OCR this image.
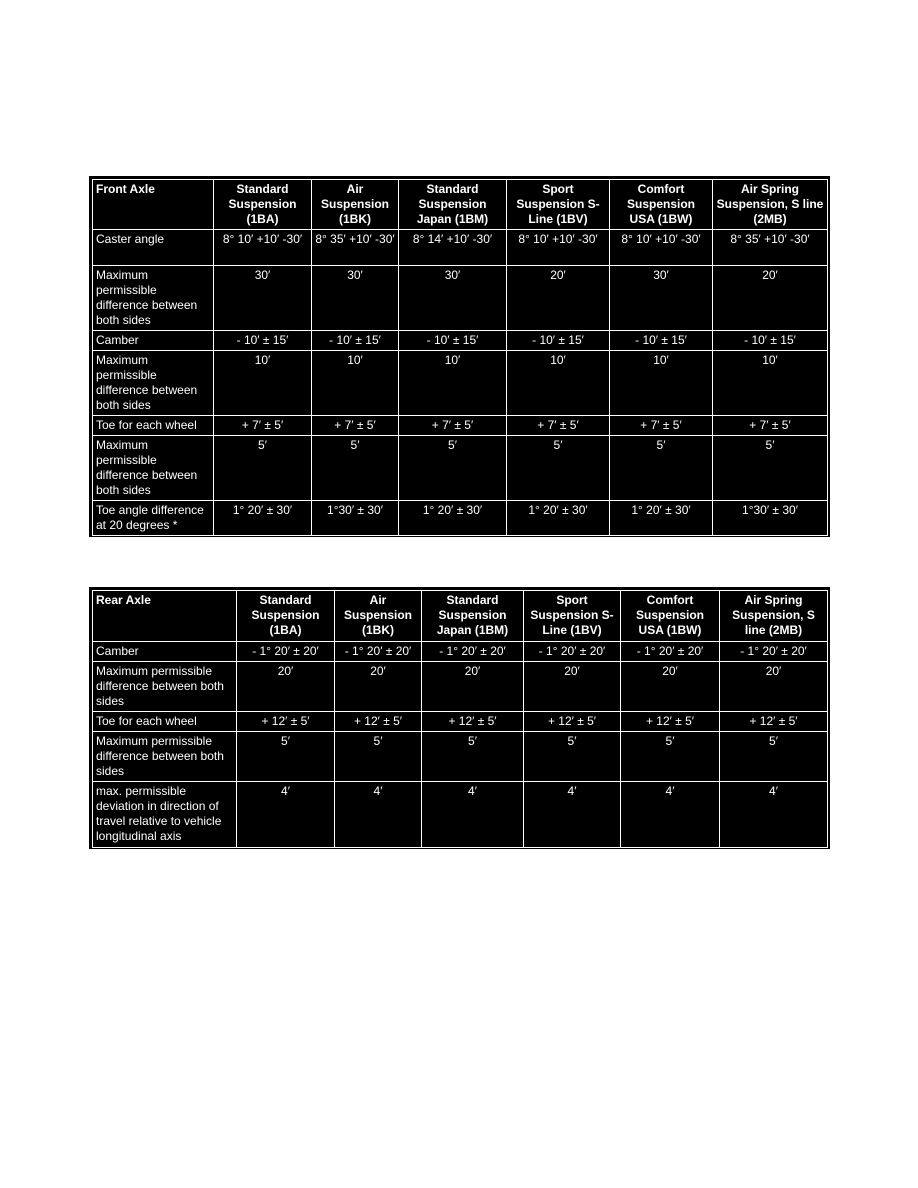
Front Axle	Standard Suspension (1BA)	Air Suspension (1BK)	Standard Suspension Japan (1BM)	Sport Suspension S-Line (1BV)	Comfort Suspension USA (1BW)	Air Spring Suspension, S line (2MB)
Caster angle	8° 10′ +10′ -30′	8° 35′ +10′ -30′	8° 14′ +10′ -30′	8° 10′ +10′ -30′	8° 10′ +10′ -30′	8° 35′ +10′ -30′
Maximum permissible difference between both sides	30′	30′	30′	20′	30′	20′
Camber	- 10′ ± 15′	- 10′ ± 15′	- 10′ ± 15′	- 10′ ± 15′	- 10′ ± 15′	- 10′ ± 15′
Maximum permissible difference between both sides	10′	10′	10′	10′	10′	10′
Toe for each wheel	+ 7′ ± 5′	+ 7′ ± 5′	+ 7′ ± 5′	+ 7′ ± 5′	+ 7′ ± 5′	+ 7′ ± 5′
Maximum permissible difference between both sides	5′	5′	5′	5′	5′	5′
Toe angle difference at 20 degrees *	1° 20′ ± 30′	1°30′ ± 30′	1° 20′ ± 30′	1° 20′ ± 30′	1° 20′ ± 30′	1°30′ ± 30′
Rear Axle	Standard Suspension (1BA)	Air Suspension (1BK)	Standard Suspension Japan (1BM)	Sport Suspension S-Line (1BV)	Comfort Suspension USA (1BW)	Air Spring Suspension, S line (2MB)
Camber	- 1° 20′ ± 20′	- 1° 20′ ± 20′	- 1° 20′ ± 20′	- 1° 20′ ± 20′	- 1° 20′ ± 20′	- 1° 20′ ± 20′
Maximum permissible difference between both sides	20′	20′	20′	20′	20′	20′
Toe for each wheel	+ 12′ ± 5′	+ 12′ ± 5′	+ 12′ ± 5′	+ 12′ ± 5′	+ 12′ ± 5′	+ 12′ ± 5′
Maximum permissible difference between both sides	5′	5′	5′	5′	5′	5′
max. permissible deviation in direction of travel relative to vehicle longitudinal axis	4′	4′	4′	4′	4′	4′
